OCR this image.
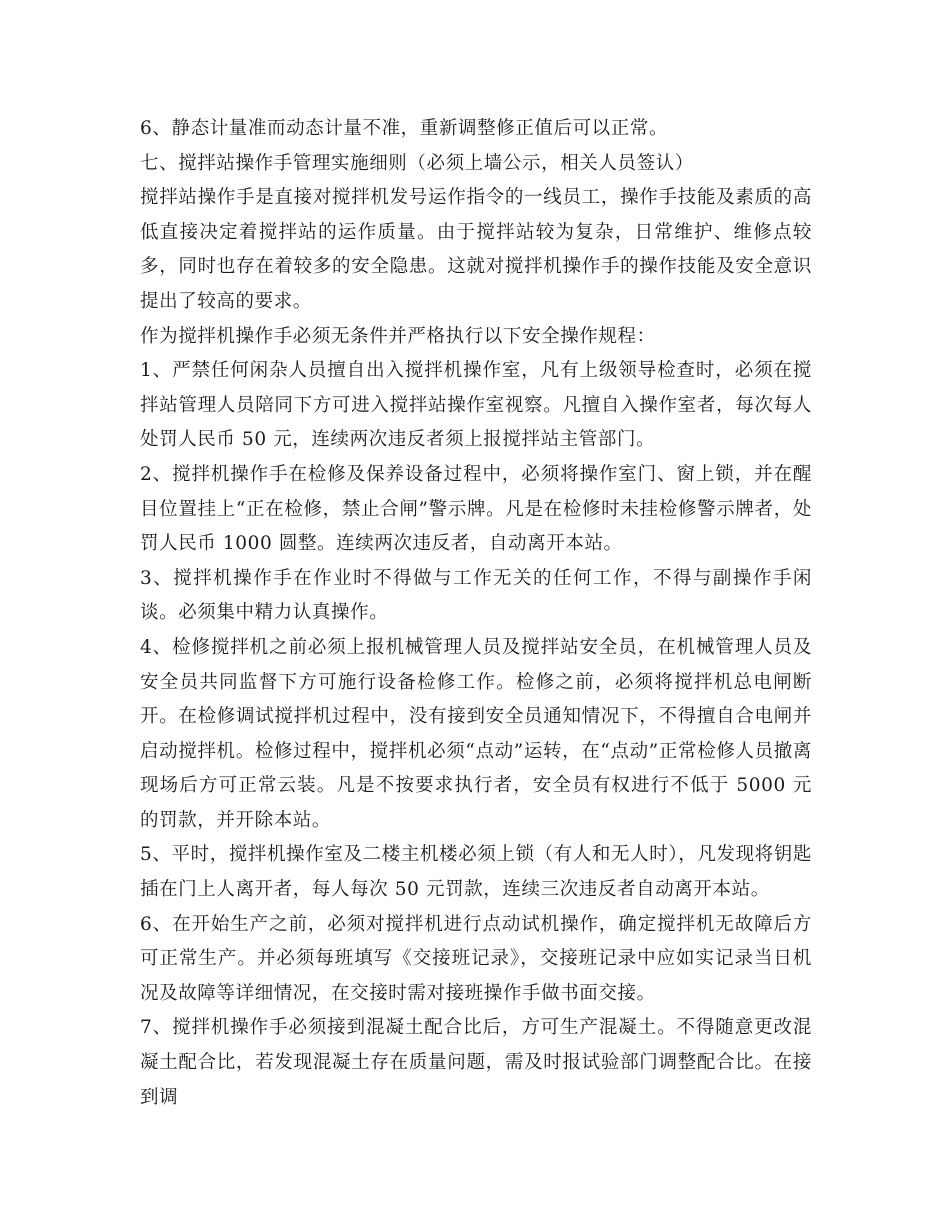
6、静态计量准而动态计量不准，重新调整修正值后可以正常。

七、搅拌站操作手管理实施细则（必须上墙公示，相关人员签认）

搅拌站操作手是直接对搅拌机发号运作指令的一线员工，操作手技能及素质的高低直接决定着搅拌站的运作质量。由于搅拌站较为复杂，日常维护、维修点较多，同时也存在着较多的安全隐患。这就对搅拌机操作手的操作技能及安全意识提出了较高的要求。

作为搅拌机操作手必须无条件并严格执行以下安全操作规程：

1、严禁任何闲杂人员擅自出入搅拌机操作室，凡有上级领导检查时，必须在搅拌站管理人员陪同下方可进入搅拌站操作室视察。凡擅自入操作室者，每次每人处罚人民币 50 元，连续两次违反者须上报搅拌站主管部门。

2、搅拌机操作手在检修及保养设备过程中，必须将操作室门、窗上锁，并在醒目位置挂上“正在检修，禁止合闸”警示牌。凡是在检修时未挂检修警示牌者，处罚人民币 1000 圆整。连续两次违反者，自动离开本站。

3、搅拌机操作手在作业时不得做与工作无关的任何工作，不得与副操作手闲谈。必须集中精力认真操作。

4、检修搅拌机之前必须上报机械管理人员及搅拌站安全员，在机械管理人员及安全员共同监督下方可施行设备检修工作。检修之前，必须将搅拌机总电闸断开。在检修调试搅拌机过程中，没有接到安全员通知情况下，不得擅自合电闸并启动搅拌机。检修过程中，搅拌机必须“点动”运转，在“点动”正常检修人员撤离现场后方可正常云装。凡是不按要求执行者，安全员有权进行不低于 5000 元的罚款，并开除本站。

5、平时，搅拌机操作室及二楼主机楼必须上锁（有人和无人时），凡发现将钥匙插在门上人离开者，每人每次 50 元罚款，连续三次违反者自动离开本站。

6、在开始生产之前，必须对搅拌机进行点动试机操作，确定搅拌机无故障后方可正常生产。并必须每班填写《交接班记录》，交接班记录中应如实记录当日机况及故障等详细情况，在交接时需对接班操作手做书面交接。

7、搅拌机操作手必须接到混凝土配合比后，方可生产混凝土。不得随意更改混凝土配合比，若发现混凝土存在质量问题，需及时报试验部门调整配合比。在接到调
